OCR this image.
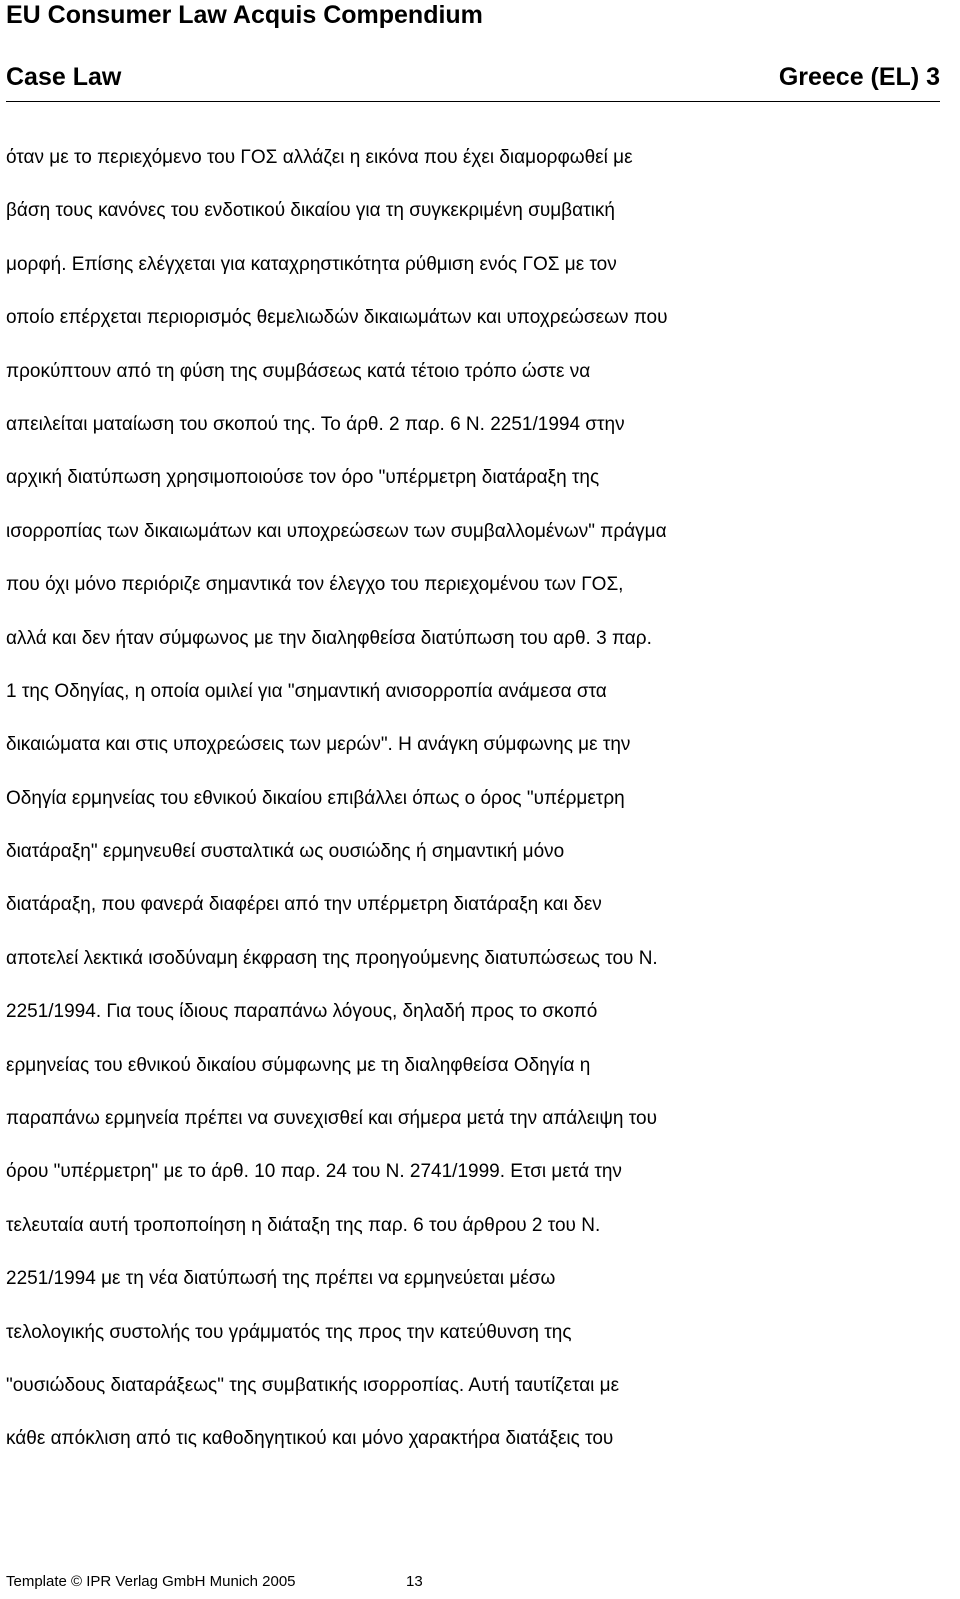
EU Consumer Law Acquis Compendium
Case Law	Greece (EL) 3
όταν με το περιεχόμενο του ΓΟΣ αλλάζει η εικόνα που έχει διαμορφωθεί με
βάση τους κανόνες του ενδοτικού δικαίου για τη συγκεκριμένη συμβατική
μορφή. Επίσης ελέγχεται για καταχρηστικότητα ρύθμιση ενός ΓΟΣ με τον
οποίο επέρχεται περιορισμός θεμελιωδών δικαιωμάτων και υποχρεώσεων που
προκύπτουν από τη φύση της συμβάσεως κατά τέτοιο τρόπο ώστε να
απειλείται ματαίωση του σκοπού της. Το άρθ. 2 παρ. 6 Ν. 2251/1994 στην
αρχική διατύπωση χρησιμοποιούσε τον όρο "υπέρμετρη διατάραξη της
ισορροπίας των δικαιωμάτων και υποχρεώσεων των συμβαλλομένων" πράγμα
που όχι μόνο περιόριζε σημαντικά τον έλεγχο του περιεχομένου των ΓΟΣ,
αλλά και δεν ήταν σύμφωνος με την διαληφθείσα διατύπωση του αρθ. 3 παρ.
1 της Οδηγίας, η οποία ομιλεί για "σημαντική ανισορροπία ανάμεσα στα
δικαιώματα και στις υποχρεώσεις των μερών". Η ανάγκη σύμφωνης με την
Οδηγία ερμηνείας του εθνικού δικαίου επιβάλλει όπως ο όρος "υπέρμετρη
διατάραξη" ερμηνευθεί συσταλτικά ως ουσιώδης ή σημαντική μόνο
διατάραξη, που φανερά διαφέρει από την υπέρμετρη διατάραξη και δεν
αποτελεί λεκτικά ισοδύναμη έκφραση της προηγούμενης διατυπώσεως του Ν.
2251/1994. Για τους ίδιους παραπάνω λόγους, δηλαδή προς το σκοπό
ερμηνείας του εθνικού δικαίου σύμφωνης με τη διαληφθείσα Οδηγία η
παραπάνω ερμηνεία πρέπει να συνεχισθεί και σήμερα μετά την απάλειψη του
όρου "υπέρμετρη" με το άρθ. 10 παρ. 24 του Ν. 2741/1999. Ετσι μετά την
τελευταία αυτή τροποποίηση η διάταξη της παρ. 6 του άρθρου 2 του Ν.
2251/1994 με τη νέα διατύπωσή της πρέπει να ερμηνεύεται μέσω
τελολογικής συστολής του γράμματός της προς την κατεύθυνση της
"ουσιώδους διαταράξεως" της συμβατικής ισορροπίας. Αυτή ταυτίζεται με
κάθε απόκλιση από τις καθοδηγητικού και μόνο χαρακτήρα διατάξεις του
Template © IPR Verlag GmbH Munich 2005	13
